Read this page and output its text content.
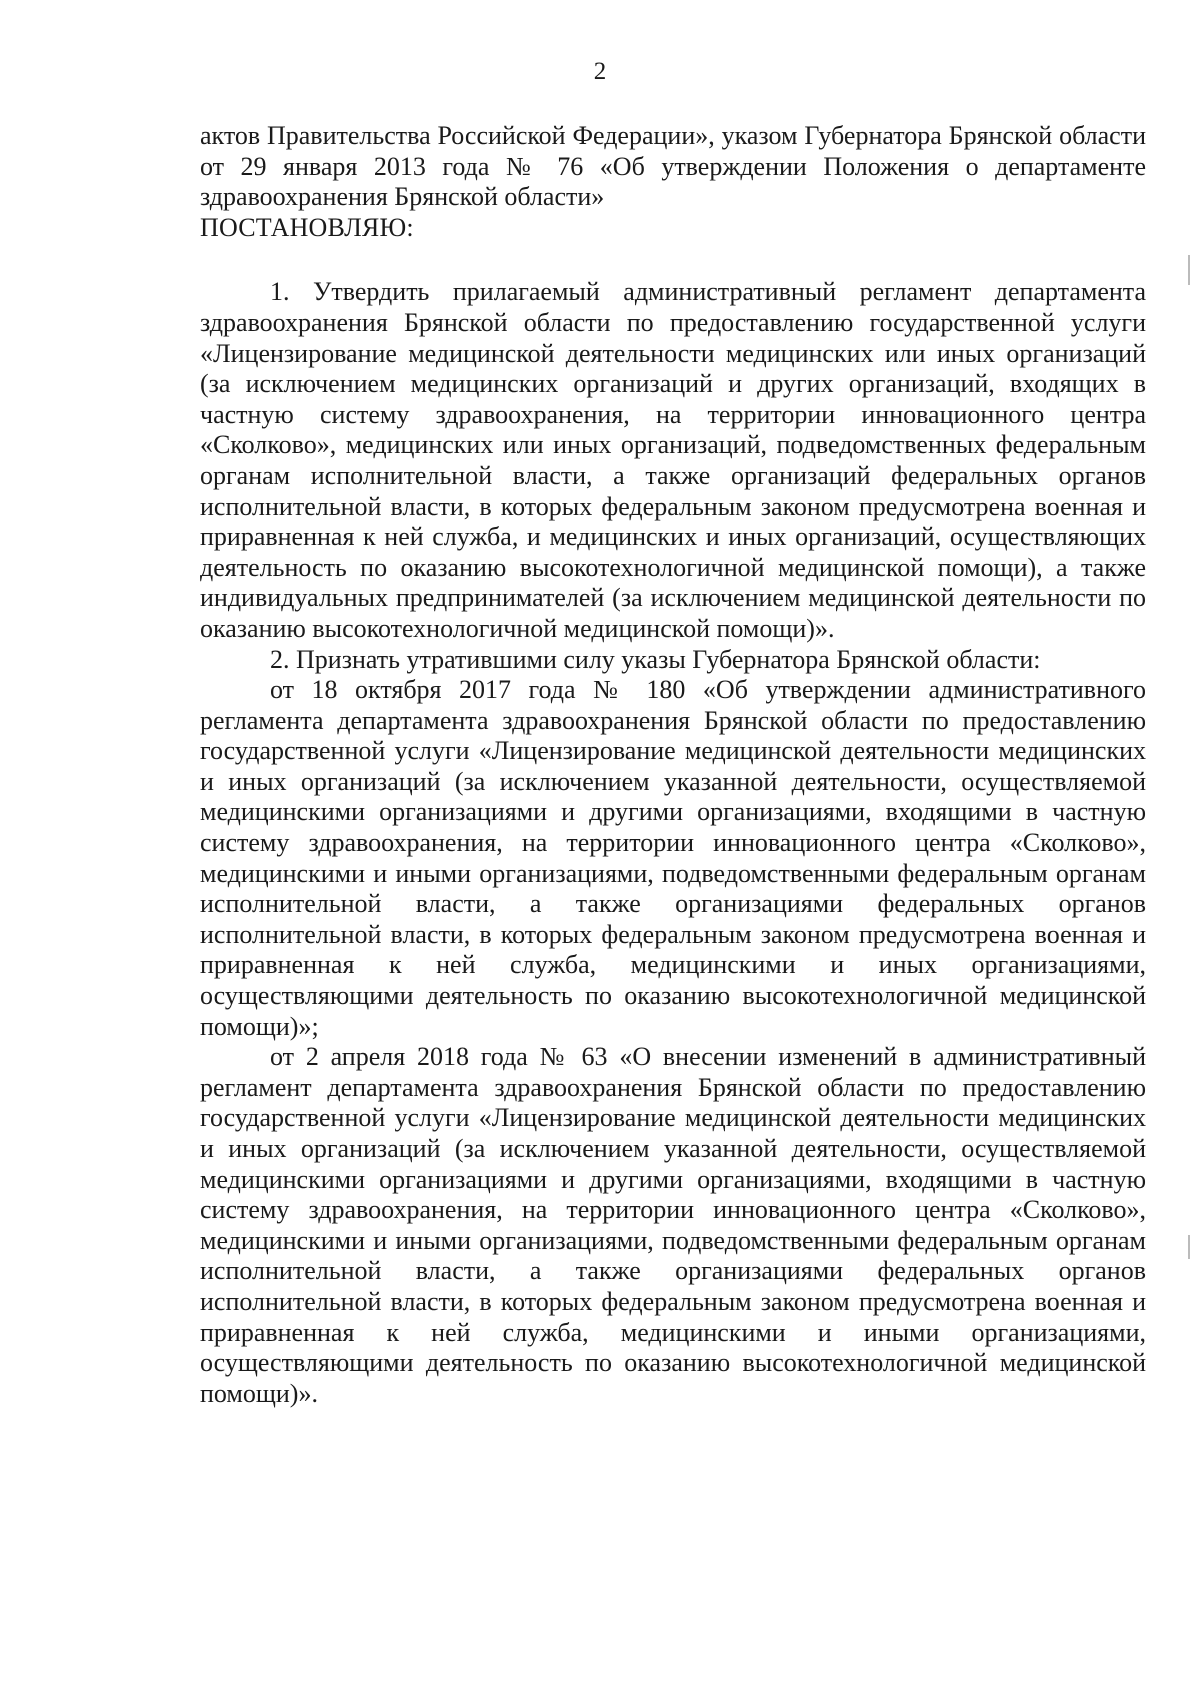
2

актов Правительства Российской Федерации», указом Губернатора Брянской области от 29 января 2013 года № 76 «Об утверждении Положения о департаменте здравоохранения Брянской области»

ПОСТАНОВЛЯЮ:

1. Утвердить прилагаемый административный регламент департамента здравоохранения Брянской области по предоставлению государственной услуги «Лицензирование медицинской деятельности медицинских или иных организаций (за исключением медицинских организаций и других организаций, входящих в частную систему здравоохранения, на территории инновационного центра «Сколково», медицинских или иных организаций, подведомственных федеральным органам исполнительной власти, а также организаций федеральных органов исполнительной власти, в которых федеральным законом предусмотрена военная и приравненная к ней служба, и медицинских и иных организаций, осуществляющих деятельность по оказанию высокотехнологичной медицинской помощи), а также индивидуальных предпринимателей (за исключением медицинской деятельности по оказанию высокотехнологичной медицинской помощи)».

2. Признать утратившими силу указы Губернатора Брянской области:

от 18 октября 2017 года № 180 «Об утверждении административного регламента департамента здравоохранения Брянской области по предоставлению государственной услуги «Лицензирование медицинской деятельности медицинских и иных организаций (за исключением указанной деятельности, осуществляемой медицинскими организациями и другими организациями, входящими в частную систему здравоохранения, на территории инновационного центра «Сколково», медицинскими и иными организациями, подведомственными федеральным органам исполнительной власти, а также организациями федеральных органов исполнительной власти, в которых федеральным законом предусмотрена военная и приравненная к ней служба, медицинскими и иных организациями, осуществляющими деятельность по оказанию высокотехнологичной медицинской помощи)»;

от 2 апреля 2018 года № 63 «О внесении изменений в административный регламент департамента здравоохранения Брянской области по предоставлению государственной услуги «Лицензирование медицинской деятельности медицинских и иных организаций (за исключением указанной деятельности, осуществляемой медицинскими организациями и другими организациями, входящими в частную систему здравоохранения, на территории инновационного центра «Сколково», медицинскими и иными организациями, подведомственными федеральным органам исполнительной власти, а также организациями федеральных органов исполнительной власти, в которых федеральным законом предусмотрена военная и приравненная к ней служба, медицинскими и иными организациями, осуществляющими деятельность по оказанию высокотехнологичной медицинской помощи)».
